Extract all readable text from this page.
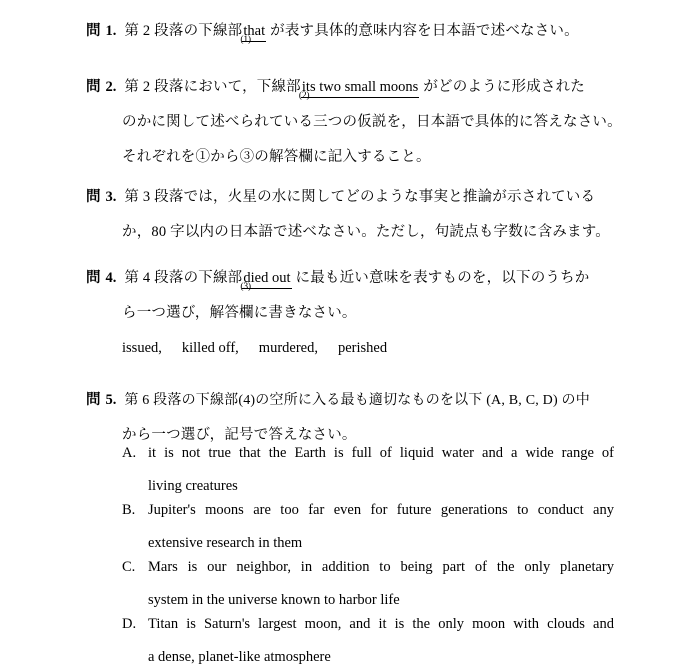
問 1. 第 2 段落の下線部 that
(1)
が表す具体的意味内容を日本語で述べなさい。
問 2. 第 2 段落において，下線部 its two small moons
(2)
がどのように形成された
のかに関して述べられている三つの仮説を，日本語で具体的に答えなさい。
それぞれを①から③の解答欄に記入すること。
問 3. 第 3 段落では，火星の水に関してどのような事実と推論が示されている
か，80 字以内の日本語で述べなさい。ただし，句読点も字数に含みます。
問 4. 第 4 段落の下線部 died out
(3)
に最も近い意味を表すものを，以下のうちか
ら一つ選び，解答欄に書きなさい。
issued, killed off, murdered, perished
問 5. 第 6 段落の下線部(4)の空所に入る最も適切なものを以下 (A, B, C, D) の中
から一つ選び，記号で答えなさい。
A. it is not true that the Earth is full of liquid water and a wide range of
living creatures
B. Jupiter's moons are too far even for future generations to conduct any
extensive research in them
C. Mars is our neighbor, in addition to being part of the only planetary
system in the universe known to harbor life
D. Titan is Saturn's largest moon, and it is the only moon with clouds and
a dense, planet-like atmosphere
